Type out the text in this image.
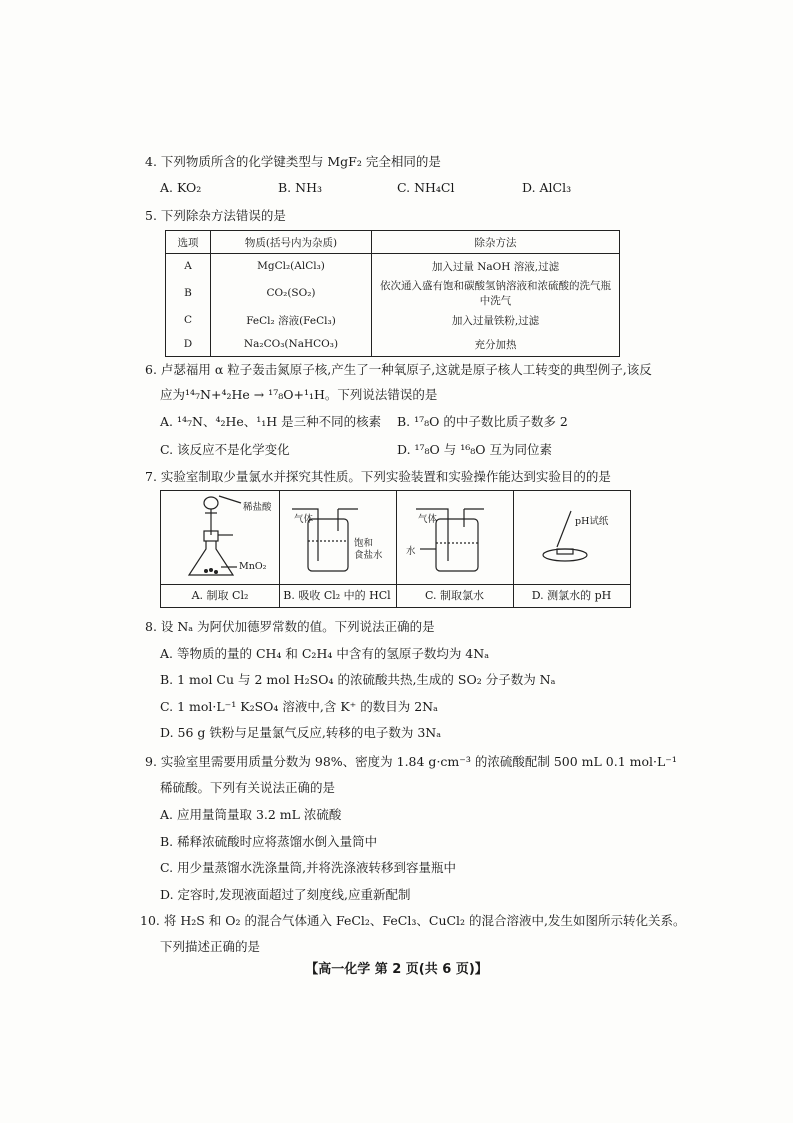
4. 下列物质所含的化学键类型与 MgF₂ 完全相同的是
A. KO₂	B. NH₃	C. NH₄Cl	D. AlCl₃
5. 下列除杂方法错误的是
选项	物质(括号内为杂质)	除杂方法
A	MgCl₂(AlCl₃)	加入过量 NaOH 溶液,过滤
B	CO₂(SO₂)	依次通入盛有饱和碳酸氢钠溶液和浓硫酸的洗气瓶中洗气
C	FeCl₂ 溶液(FeCl₃)	加入过量铁粉,过滤
D	Na₂CO₃(NaHCO₃)	充分加热
6. 卢瑟福用 α 粒子轰击氮原子核,产生了一种氧原子,这就是原子核人工转变的典型例子,该反
应为¹⁴₇N+⁴₂He → ¹⁷₈O+¹₁H。下列说法错误的是
A. ¹⁴₇N、⁴₂He、¹₁H 是三种不同的核素 B. ¹⁷₈O 的中子数比质子数多 2
C. 该反应不是化学变化	D. ¹⁷₈O 与 ¹⁶₈O 互为同位素
7. 实验室制取少量氯水并探究其性质。下列实验装置和实验操作能达到实验目的的是
稀盐酸
MnO₂
A. 制取 Cl₂
气体
饱和
食盐水
B. 吸收 Cl₂ 中的 HCl
气体
水
C. 制取氯水
pH试纸
D. 测氯水的 pH
8. 设 Nₐ 为阿伏加德罗常数的值。下列说法正确的是
A. 等物质的量的 CH₄ 和 C₂H₄ 中含有的氢原子数均为 4Nₐ
B. 1 mol Cu 与 2 mol H₂SO₄ 的浓硫酸共热,生成的 SO₂ 分子数为 Nₐ
C. 1 mol·L⁻¹ K₂SO₄ 溶液中,含 K⁺ 的数目为 2Nₐ
D. 56 g 铁粉与足量氯气反应,转移的电子数为 3Nₐ
9. 实验室里需要用质量分数为 98%、密度为 1.84 g·cm⁻³ 的浓硫酸配制 500 mL 0.1 mol·L⁻¹
稀硫酸。下列有关说法正确的是
A. 应用量筒量取 3.2 mL 浓硫酸
B. 稀释浓硫酸时应将蒸馏水倒入量筒中
C. 用少量蒸馏水洗涤量筒,并将洗涤液转移到容量瓶中
D. 定容时,发现液面超过了刻度线,应重新配制
10. 将 H₂S 和 O₂ 的混合气体通入 FeCl₂、FeCl₃、CuCl₂ 的混合溶液中,发生如图所示转化关系。
下列描述正确的是
【高一化学 第 2 页(共 6 页)】
